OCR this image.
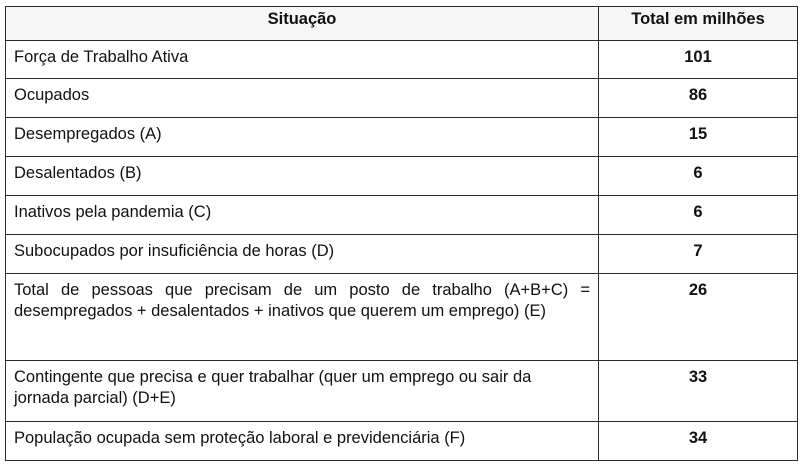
Situação	Total em milhões
Força de Trabalho Ativa	101
Ocupados	86
Desempregados (A)	15
Desalentados (B)	6
Inativos pela pandemia (C)	6
Subocupados por insuficiência de horas (D)	7
Total de pessoas que precisam de um posto de trabalho (A+B+C) = desempregados + desalentados + inativos que querem um emprego) (E)	26
Contingente que precisa e quer trabalhar (quer um emprego ou sair da jornada parcial) (D+E)	33
População ocupada sem proteção laboral e previdenciária (F)	34
